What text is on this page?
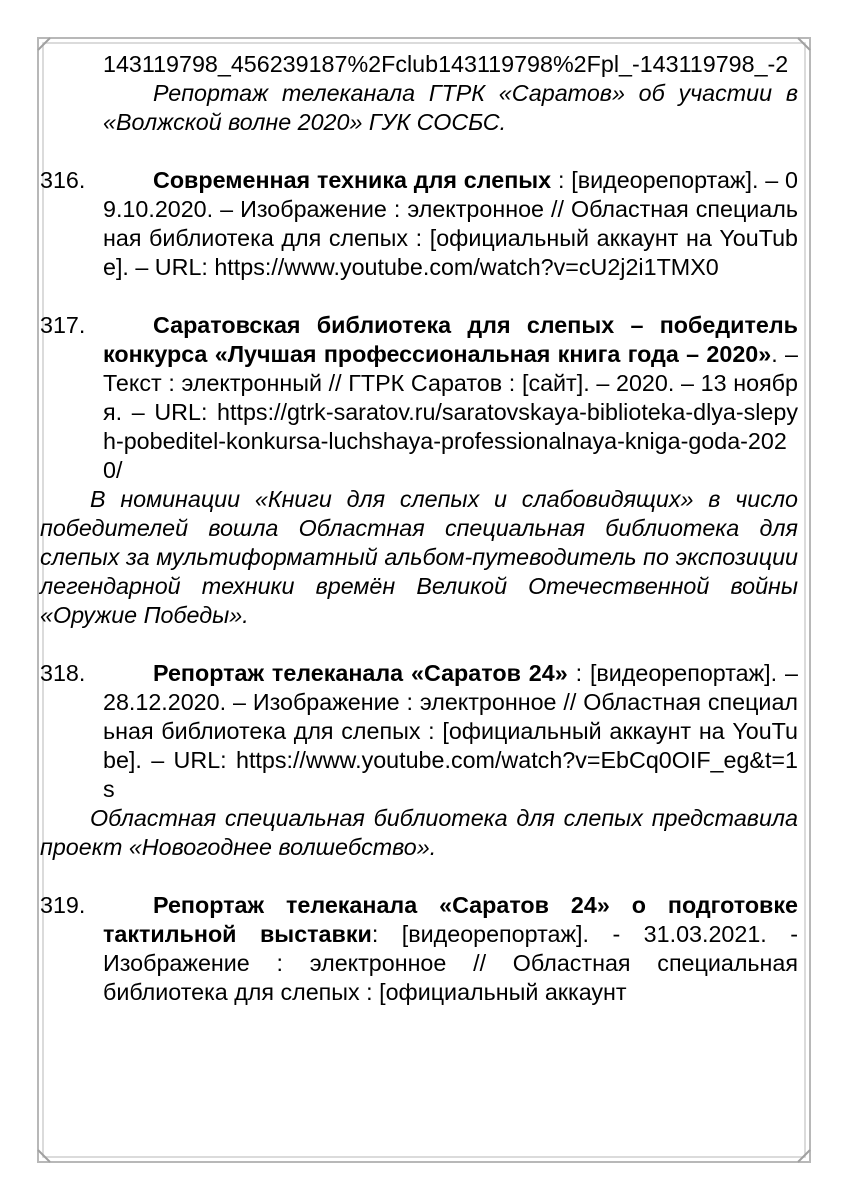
143119798_456239187%2Fclub143119798%2Fpl_-143119798_-2

Репортаж телеканала ГТРК «Саратов» об участии в «Волжской волне 2020» ГУК СОСБС.

316.	Современная техника для слепых : [видеорепортаж]. – 09.10.2020. – Изображение : электронное // Областная специальная библиотека для слепых : [официальный аккаунт на YouTube]. – URL: https://www.youtube.com/watch?v=cU2j2i1TMX0

317.	Саратовская библиотека для слепых – победитель конкурса «Лучшая профессиональная книга года – 2020». – Текст : электронный // ГТРК Саратов : [сайт]. – 2020. – 13 ноября. – URL: https://gtrk-saratov.ru/saratovskaya-biblioteka-dlya-slepyh-pobeditel-konkursa-luchshaya-professionalnaya-kniga-goda-2020/

В номинации «Книги для слепых и слабовидящих» в число победителей вошла Областная специальная библиотека для слепых за мультиформатный альбом-путеводитель по экспозиции легендарной техники времён Великой Отечественной войны «Оружие Победы».

318.	Репортаж телеканала «Саратов 24» : [видеорепортаж]. – 28.12.2020. – Изображение : электронное // Областная специальная библиотека для слепых : [официальный аккаунт на YouTube]. – URL: https://www.youtube.com/watch?v=EbCq0OIF_eg&t=1s

Областная специальная библиотека для слепых представила проект «Новогоднее волшебство».

319.	Репортаж телеканала «Саратов 24» о подготовке тактильной выставки: [видеорепортаж]. - 31.03.2021. - Изображение : электронное // Областная специальная библиотека для слепых : [официальный аккаунт
